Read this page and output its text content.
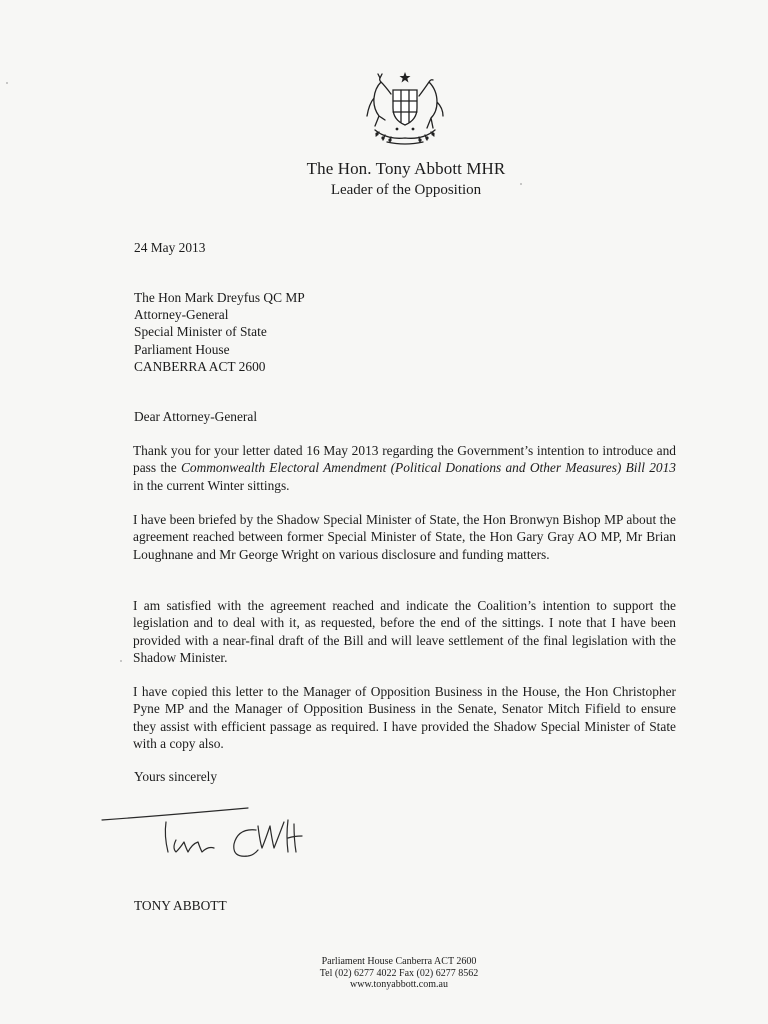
The Hon. Tony Abbott MHR
Leader of the Opposition
24 May 2013
The Hon Mark Dreyfus QC MP
Attorney-General
Special Minister of State
Parliament House
CANBERRA ACT 2600
Dear Attorney-General
Thank you for your letter dated 16 May 2013 regarding the Government’s intention to introduce and pass the Commonwealth Electoral Amendment (Political Donations and Other Measures) Bill 2013 in the current Winter sittings.
I have been briefed by the Shadow Special Minister of State, the Hon Bronwyn Bishop MP about the agreement reached between former Special Minister of State, the Hon Gary Gray AO MP, Mr Brian Loughnane and Mr George Wright on various disclosure and funding matters.
I am satisfied with the agreement reached and indicate the Coalition’s intention to support the legislation and to deal with it, as requested, before the end of the sittings. I note that I have been provided with a near-final draft of the Bill and will leave settlement of the final legislation with the Shadow Minister.
I have copied this letter to the Manager of Opposition Business in the House, the Hon Christopher Pyne MP and the Manager of Opposition Business in the Senate, Senator Mitch Fifield to ensure they assist with efficient passage as required. I have provided the Shadow Special Minister of State with a copy also.
Yours sincerely
TONY ABBOTT
Parliament House Canberra ACT 2600
Tel (02) 6277 4022 Fax (02) 6277 8562
www.tonyabbott.com.au
